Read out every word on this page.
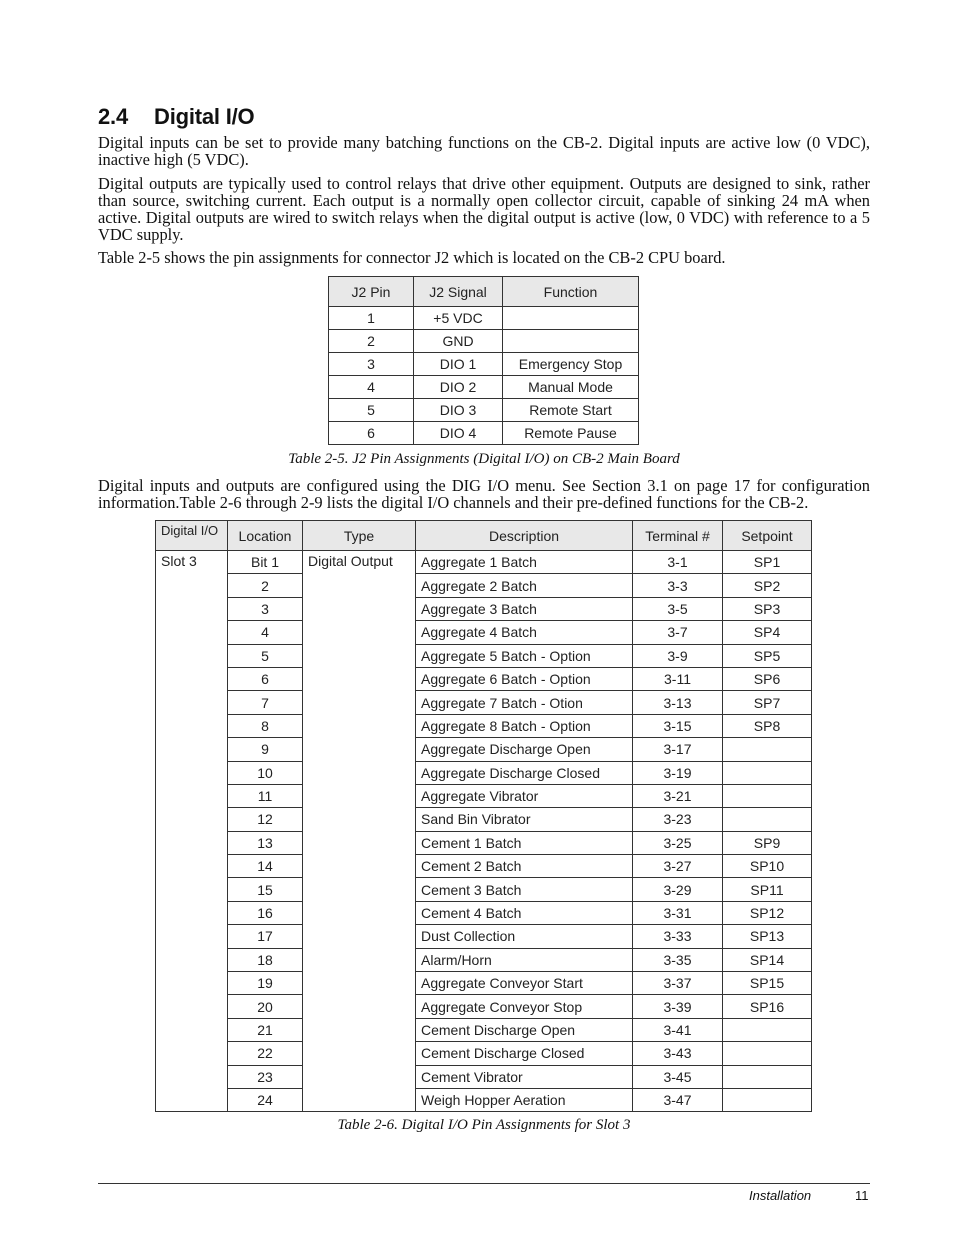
2.4 Digital I/O

Digital inputs can be set to provide many batching functions on the CB-2. Digital inputs are active low (0 VDC), inactive high (5 VDC).

Digital outputs are typically used to control relays that drive other equipment. Outputs are designed to sink, rather than source, switching current. Each output is a normally open collector circuit, capable of sinking 24 mA when active. Digital outputs are wired to switch relays when the digital output is active (low, 0 VDC) with reference to a 5 VDC supply.

Table 2-5 shows the pin assignments for connector J2 which is located on the CB-2 CPU board.

J2 Pin	J2 Signal	Function
1	+5 VDC	
2	GND	
3	DIO 1	Emergency Stop
4	DIO 2	Manual Mode
5	DIO 3	Remote Start
6	DIO 4	Remote Pause

Table 2-5. J2 Pin Assignments (Digital I/O) on CB-2 Main Board

Digital inputs and outputs are configured using the DIG I/O menu. See Section 3.1 on page 17 for configuration information.Table 2-6 through 2-9 lists the digital I/O channels and their pre-defined functions for the CB-2.

Digital I/O	Location	Type	Description	Terminal #	Setpoint
Slot 3	Bit 1	Digital Output	Aggregate 1 Batch	3-1	SP1
	2		Aggregate 2 Batch	3-3	SP2
	3		Aggregate 3 Batch	3-5	SP3
	4		Aggregate 4 Batch	3-7	SP4
	5		Aggregate 5 Batch - Option	3-9	SP5
	6		Aggregate 6 Batch - Option	3-11	SP6
	7		Aggregate 7 Batch - Otion	3-13	SP7
	8		Aggregate 8 Batch - Option	3-15	SP8
	9		Aggregate Discharge Open	3-17	
	10		Aggregate Discharge Closed	3-19	
	11		Aggregate Vibrator	3-21	
	12		Sand Bin Vibrator	3-23	
	13		Cement 1 Batch	3-25	SP9
	14		Cement 2 Batch	3-27	SP10
	15		Cement 3 Batch	3-29	SP11
	16		Cement 4 Batch	3-31	SP12
	17		Dust Collection	3-33	SP13
	18		Alarm/Horn	3-35	SP14
	19		Aggregate Conveyor Start	3-37	SP15
	20		Aggregate Conveyor Stop	3-39	SP16
	21		Cement Discharge Open	3-41	
	22		Cement Discharge Closed	3-43	
	23		Cement Vibrator	3-45	
	24		Weigh Hopper Aeration	3-47	

Table 2-6. Digital I/O Pin Assignments for Slot 3

Installation	11
